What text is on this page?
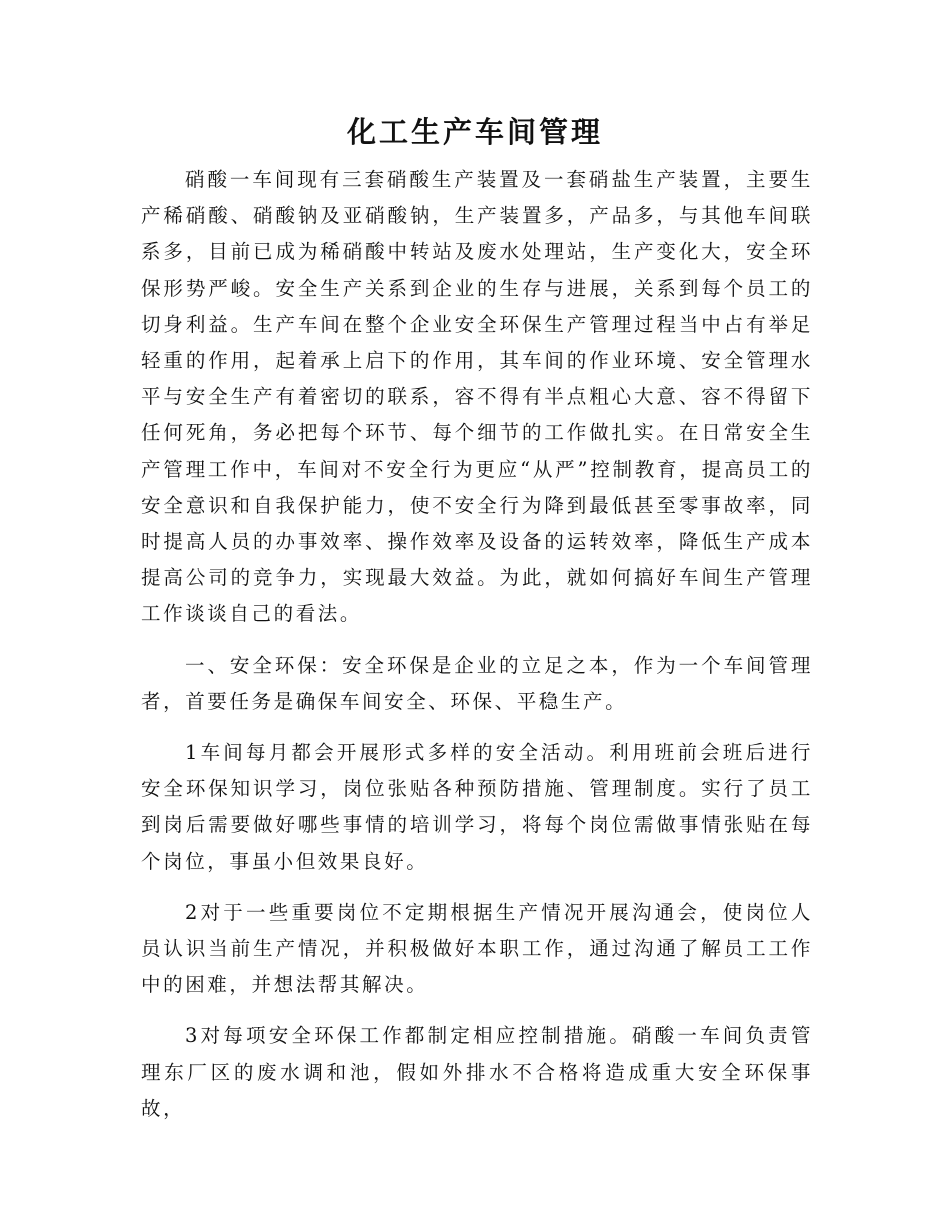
化工生产车间管理

硝酸一车间现有三套硝酸生产装置及一套硝盐生产装置，主要生产稀硝酸、硝酸钠及亚硝酸钠，生产装置多，产品多，与其他车间联系多，目前已成为稀硝酸中转站及废水处理站，生产变化大，安全环保形势严峻。安全生产关系到企业的生存与进展，关系到每个员工的切身利益。生产车间在整个企业安全环保生产管理过程当中占有举足轻重的作用，起着承上启下的作用，其车间的作业环境、安全管理水平与安全生产有着密切的联系，容不得有半点粗心大意、容不得留下任何死角，务必把每个环节、每个细节的工作做扎实。在日常安全生产管理工作中，车间对不安全行为更应“从严”控制教育，提高员工的安全意识和自我保护能力，使不安全行为降到最低甚至零事故率，同时提高人员的办事效率、操作效率及设备的运转效率，降低生产成本提高公司的竞争力，实现最大效益。为此，就如何搞好车间生产管理工作谈谈自己的看法。

一、安全环保：安全环保是企业的立足之本，作为一个车间管理者，首要任务是确保车间安全、环保、平稳生产。

1车间每月都会开展形式多样的安全活动。利用班前会班后进行安全环保知识学习，岗位张贴各种预防措施、管理制度。实行了员工到岗后需要做好哪些事情的培训学习，将每个岗位需做事情张贴在每个岗位，事虽小但效果良好。

2对于一些重要岗位不定期根据生产情况开展沟通会，使岗位人员认识当前生产情况，并积极做好本职工作，通过沟通了解员工工作中的困难，并想法帮其解决。

3对每项安全环保工作都制定相应控制措施。硝酸一车间负责管理东厂区的废水调和池，假如外排水不合格将造成重大安全环保事故，
